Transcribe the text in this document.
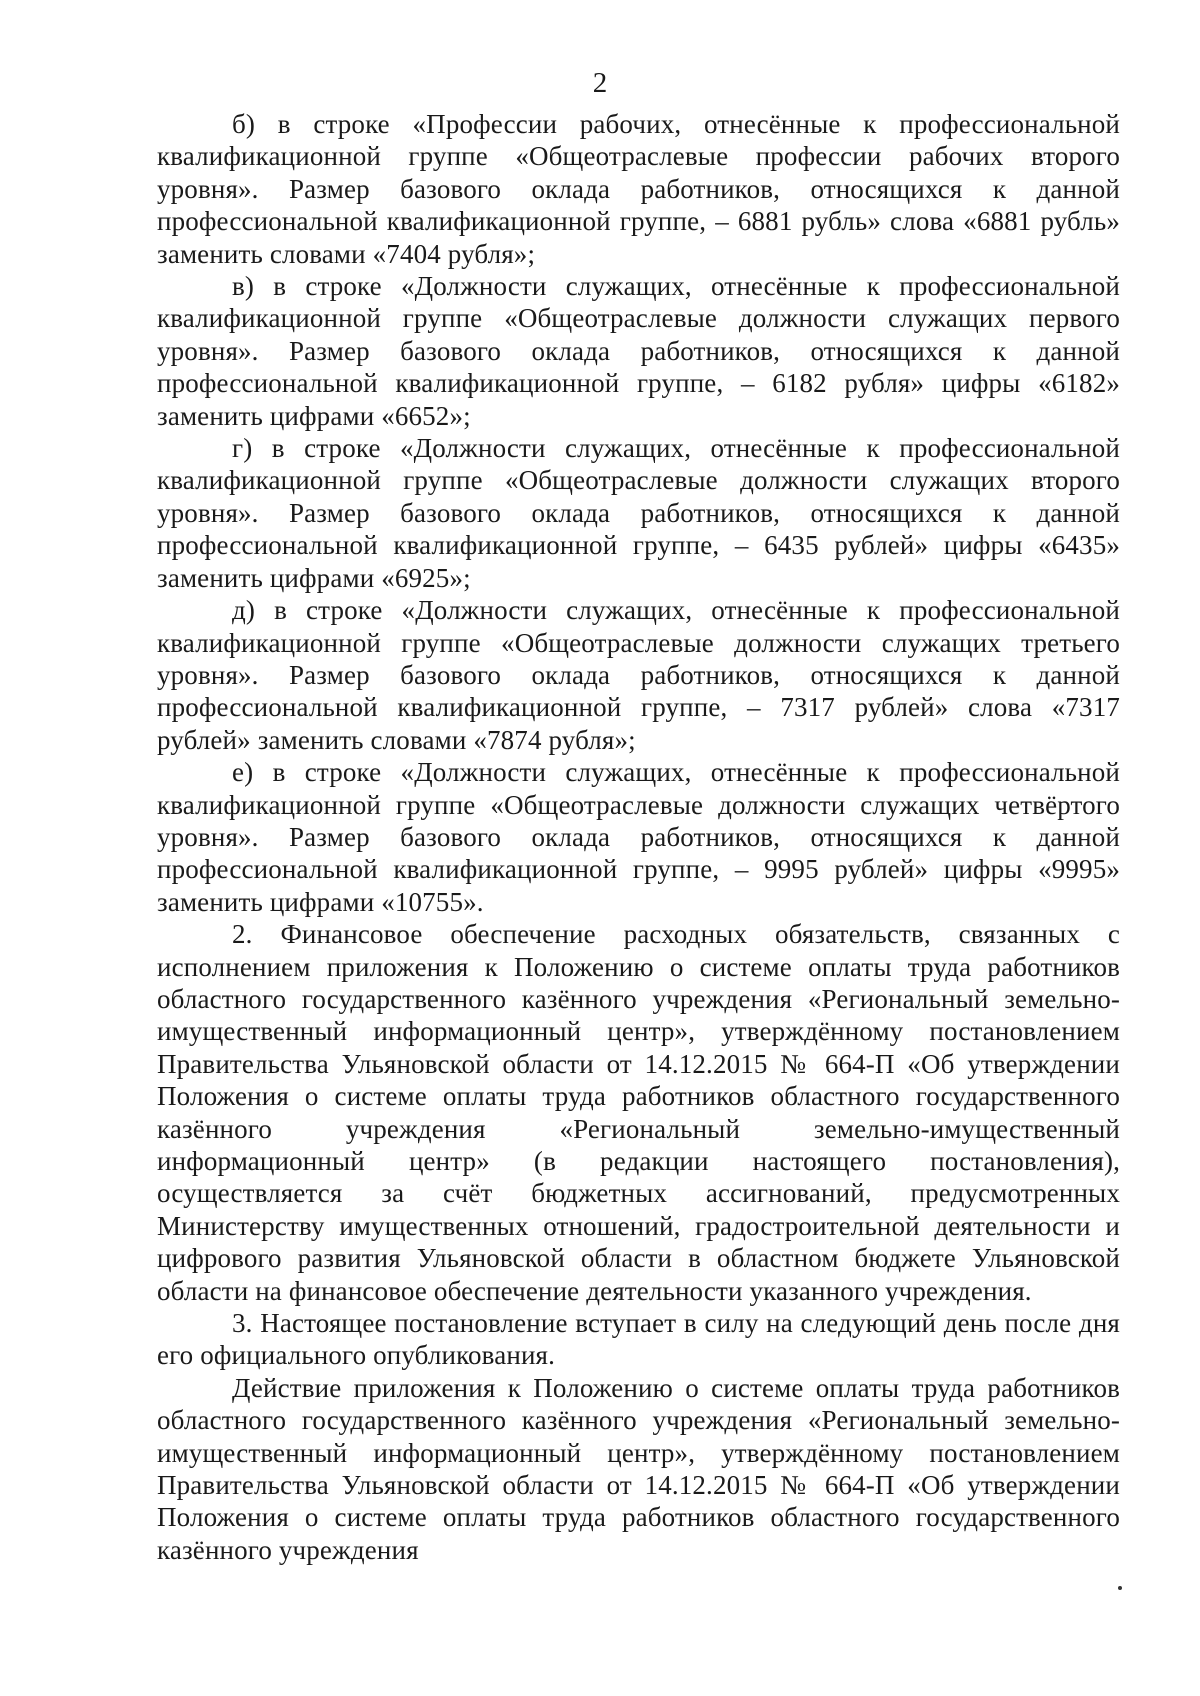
2

б) в строке «Профессии рабочих, отнесённые к профессиональной квалификационной группе «Общеотраслевые профессии рабочих второго уровня». Размер базового оклада работников, относящихся к данной профессиональной квалификационной группе, – 6881 рубль» слова «6881 рубль» заменить словами «7404 рубля»;

в) в строке «Должности служащих, отнесённые к профессиональной квалификационной группе «Общеотраслевые должности служащих первого уровня». Размер базового оклада работников, относящихся к данной профессиональной квалификационной группе, – 6182 рубля» цифры «6182» заменить цифрами «6652»;

г) в строке «Должности служащих, отнесённые к профессиональной квалификационной группе «Общеотраслевые должности служащих второго уровня». Размер базового оклада работников, относящихся к данной профессиональной квалификационной группе, – 6435 рублей» цифры «6435» заменить цифрами «6925»;

д) в строке «Должности служащих, отнесённые к профессиональной квалификационной группе «Общеотраслевые должности служащих третьего уровня». Размер базового оклада работников, относящихся к данной профессиональной квалификационной группе, – 7317 рублей» слова «7317 рублей» заменить словами «7874 рубля»;

е) в строке «Должности служащих, отнесённые к профессиональной квалификационной группе «Общеотраслевые должности служащих четвёртого уровня». Размер базового оклада работников, относящихся к данной профессиональной квалификационной группе, – 9995 рублей» цифры «9995» заменить цифрами «10755».

2. Финансовое обеспечение расходных обязательств, связанных с исполнением приложения к Положению о системе оплаты труда работников областного государственного казённого учреждения «Региональный земельно-имущественный информационный центр», утверждённому постановлением Правительства Ульяновской области от 14.12.2015 № 664-П «Об утверждении Положения о системе оплаты труда работников областного государственного казённого учреждения «Региональный земельно-имущественный информационный центр» (в редакции настоящего постановления), осуществляется за счёт бюджетных ассигнований, предусмотренных Министерству имущественных отношений, градостроительной деятельности и цифрового развития Ульяновской области в областном бюджете Ульяновской области на финансовое обеспечение деятельности указанного учреждения.

3. Настоящее постановление вступает в силу на следующий день после дня его официального опубликования.

Действие приложения к Положению о системе оплаты труда работников областного государственного казённого учреждения «Региональный земельно-имущественный информационный центр», утверждённому постановлением Правительства Ульяновской области от 14.12.2015 № 664-П «Об утверждении Положения о системе оплаты труда работников областного государственного казённого учреждения
